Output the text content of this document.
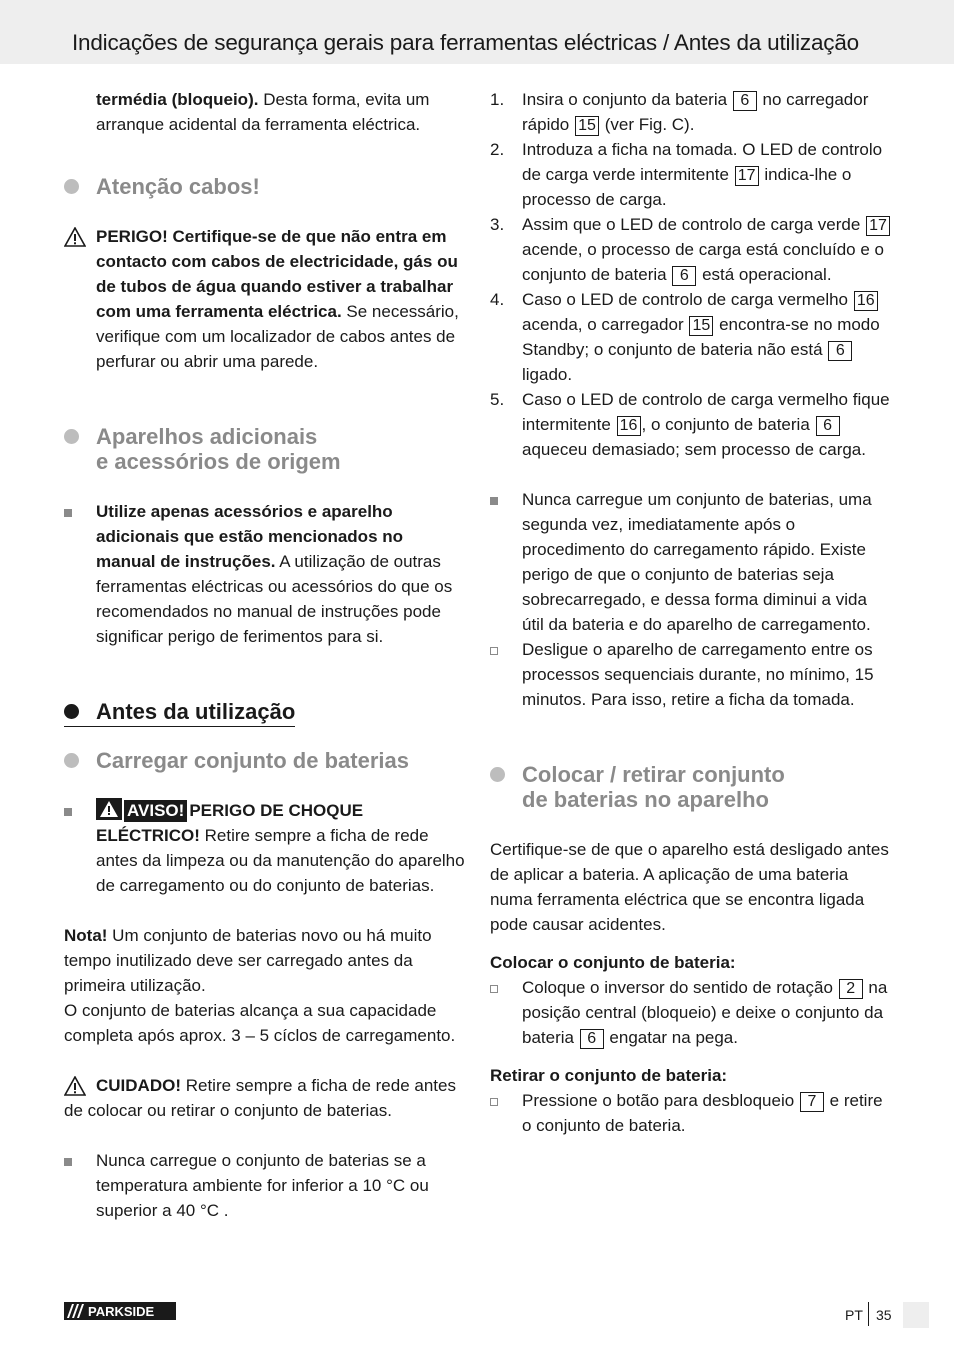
Indicações de segurança gerais para ferramentas eléctricas / Antes da utilização

termédia (bloqueio). Desta forma, evita um arranque acidental da ferramenta eléctrica.

Atenção cabos!
PERIGO! Certifique-se de que não entra em contacto com cabos de electricidade, gás ou de tubos de água quando estiver a trabalhar com uma ferramenta eléctrica. Se necessário, verifique com um localizador de cabos antes de perfurar ou abrir uma parede.
Aparelhos adicionais
e acessórios de origem
Utilize apenas acessórios e aparelho adicionais que estão mencionados no manual de instruções. A utilização de outras ferramentas eléctricas ou acessórios do que os recomendados no manual de instruções pode significar perigo de ferimentos para si.
Antes da utilização
Carregar conjunto de baterias
AVISO! PERIGO DE CHOQUE ELÉCTRICO! Retire sempre a ficha de rede antes da limpeza ou da manutenção do aparelho de carregamento ou do conjunto de baterias.

Nota! Um conjunto de baterias novo ou há muito tempo inutilizado deve ser carregado antes da primeira utilização.

O conjunto de baterias alcança a sua capacidade completa após aprox. 3 – 5 cíclos de carregamento.

CUIDADO! Retire sempre a ficha de rede antes de colocar ou retirar o conjunto de baterias.
Nunca carregue o conjunto de baterias se a temperatura ambiente for inferior a 10 °C ou superior a 40 °C .
1. Insira o conjunto da bateria 6 no carregador rápido 15 (ver Fig. C).
2. Introduza a ficha na tomada. O LED de controlo de carga verde intermitente 17 indica-lhe o processo de carga.
3. Assim que o LED de controlo de carga verde 17 acende, o processo de carga está concluído e o conjunto de bateria 6 está operacional.
4. Caso o LED de controlo de carga vermelho 16 acenda, o carregador 15 encontra-se no modo Standby; o conjunto de bateria não está 6 ligado.
5. Caso o LED de controlo de carga vermelho fique intermitente 16 , o conjunto de bateria 6 aqueceu demasiado; sem processo de carga.
Nunca carregue um conjunto de baterias, uma segunda vez, imediatamente após o procedimento do carregamento rápido. Existe perigo de que o conjunto de baterias seja sobrecarregado, e dessa forma diminui a vida útil da bateria e do aparelho de carregamento.
Desligue o aparelho de carregamento entre os processos sequenciais durante, no mínimo, 15 minutos. Para isso, retire a ficha da tomada.
Colocar / retirar conjunto
de baterias no aparelho

Certifique-se de que o aparelho está desligado antes de aplicar a bateria. A aplicação de uma bateria numa ferramenta eléctrica que se encontra ligada pode causar acidentes.

Colocar o conjunto de bateria:

Coloque o inversor do sentido de rotação 2 na posição central (bloqueio) e deixe o conjunto da bateria 6 engatar na pega.

Retirar o conjunto de bateria:

Pressione o botão para desbloqueio 7 e retire o conjunto de bateria.
PARKSIDE	PT 35
